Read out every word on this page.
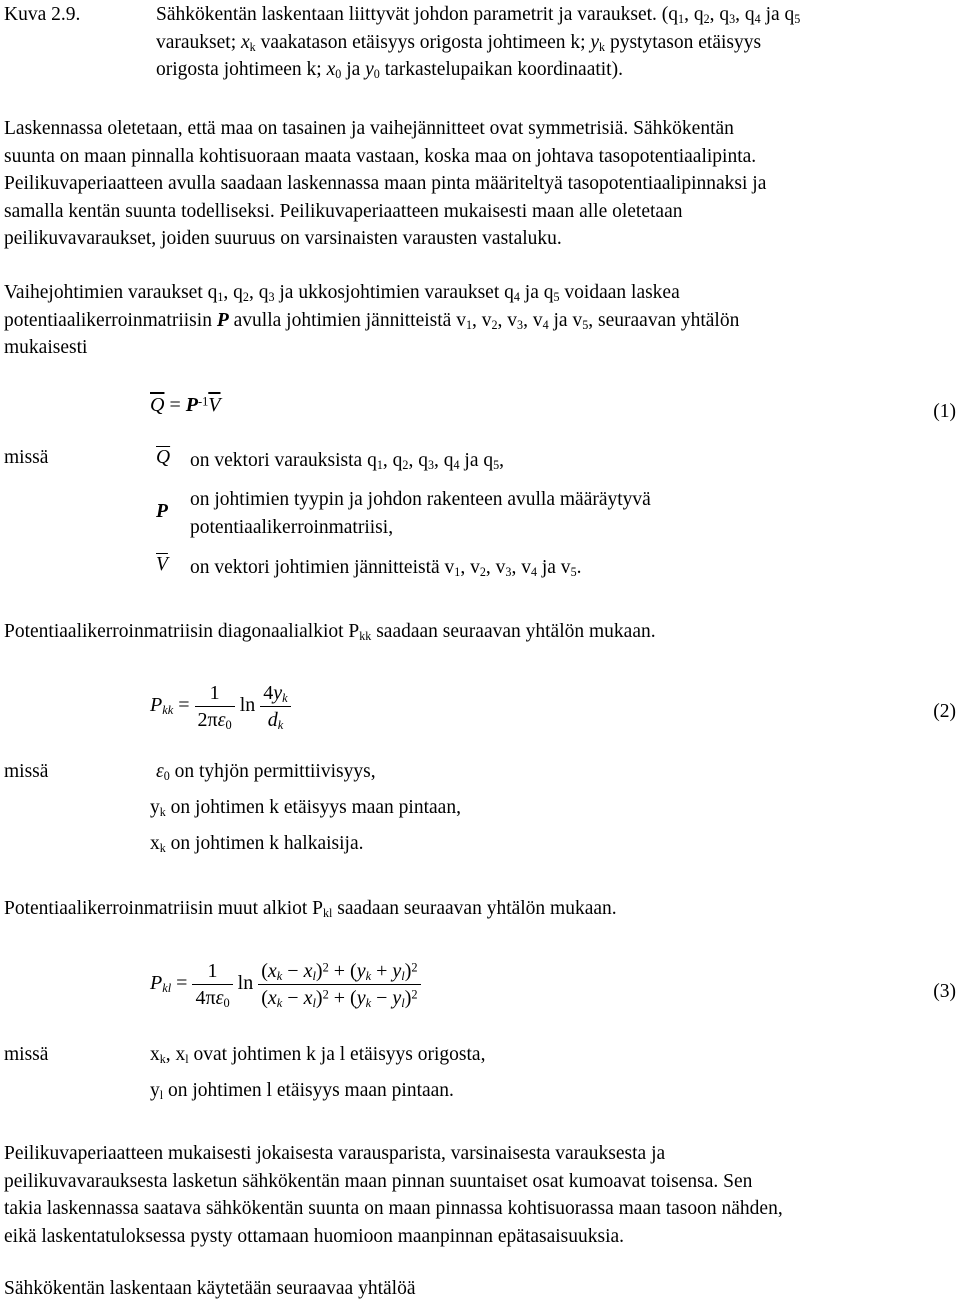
Kuva 2.9.	Sähkökentän laskentaan liittyvät johdon parametrit ja varaukset. ($q_1$, $q_2$, $q_3$, $q_4$ ja $q_5$
varaukset; $x_k$ vaakatason etäisyys origosta johtimeen k; $y_k$ pystytason etäisyys
origosta johtimeen k; $x_0$ ja $y_0$ tarkastelupaikan koordinaatit).
Laskennassa oletetaan, että maa on tasainen ja vaihejännitteet ovat symmetrisiä. Sähkökentän
suunta on maan pinnalla kohtisuoraan maata vastaan, koska maa on johtava tasopotentiaalipinta.
Peilikuvaperiaatteen avulla saadaan laskennassa maan pinta määriteltyä tasopotentiaalipinnaksi ja
samalla kentän suunta todelliseksi. Peilikuvaperiaatteen mukaisesti maan alle oletetaan
peilikuvavaraukset, joiden suuruus on varsinaisten varausten vastaluku.
Vaihejohtimien varaukset $q_1$, $q_2$, $q_3$ ja ukkosjohtimien varaukset $q_4$ ja $q_5$ voidaan laskea
potentiaalikerroinmatriisin P avulla johtimien jännitteistä $v_1$, $v_2$, $v_3$, $v_4$ ja $v_5$, seuraavan yhtälön
mukaisesti
$\overline{Q} = P^{-1}\overline{V}$	(1)
missä	$\overline{Q}$ on vektori varauksista $q_1$, $q_2$, $q_3$, $q_4$ ja $q_5$,
P
on johtimien tyypin ja johdon rakenteen avulla määräytyvä
potentiaalikerroinmatriisi,
$\overline{V}$ on vektori johtimien jännitteistä $v_1$, $v_2$, $v_3$, $v_4$ ja $v_5$.
Potentiaalikerroinmatriisin diagonaalialkiot $P_{kk}$ saadaan seuraavan yhtälön mukaan.
$P_{kk} = \frac{1}{2\pi\varepsilon_0}$ $\ln \frac{4y_k}{d_k}$	(2)
missä	$\varepsilon_0$ on tyhjön permittiivisyys,
$y_k$ on johtimen k etäisyys maan pintaan,
$x_k$ on johtimen k halkaisija.
Potentiaalikerroinmatriisin muut alkiot $P_{kl}$ saadaan seuraavan yhtälön mukaan.
$P_{kl} = \frac{1}{4\pi\varepsilon_0}$ $\ln \frac{(x_k - x_l)^2 + (y_k + y_l)^2}{(x_k - x_l)^2 + (y_k - y_l)^2}$	(3)
missä	$x_k$, $x_l$ ovat johtimen k ja l etäisyys origosta,
$y_l$ on johtimen l etäisyys maan pintaan.
Peilikuvaperiaatteen mukaisesti jokaisesta varausparista, varsinaisesta varauksesta ja
peilikuvavarauksesta lasketun sähkökentän maan pinnan suuntaiset osat kumoavat toisensa. Sen
takia laskennassa saatava sähkökentän suunta on maan pinnassa kohtisuorassa maan tasoon nähden,
eikä laskentatuloksessa pysty ottamaan huomioon maanpinnan epätasaisuuksia.
Sähkökentän laskentaan käytetään seuraavaa yhtälöä
